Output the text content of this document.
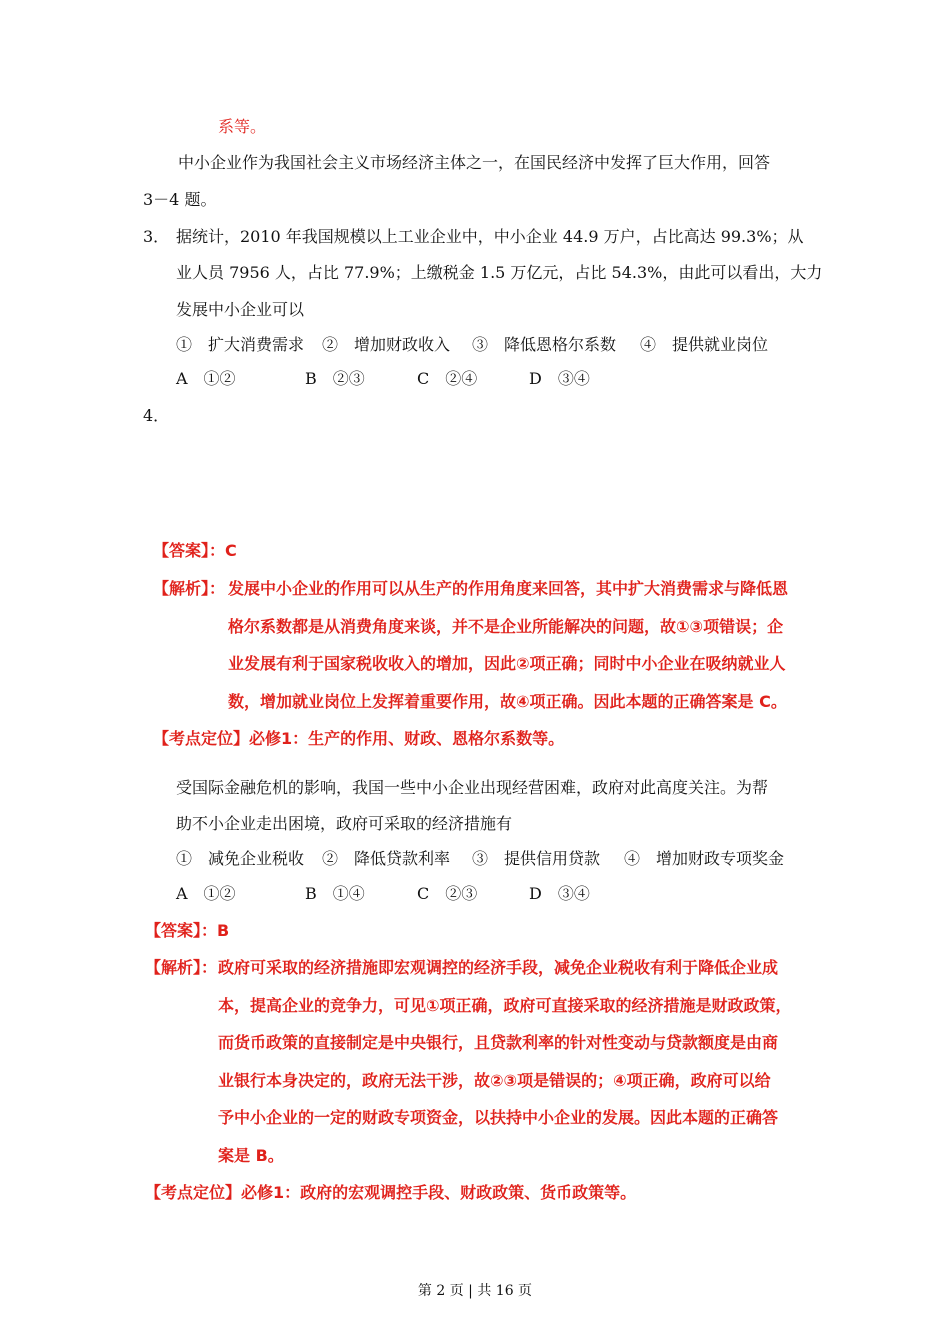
系等。
中小企业作为我国社会主义市场经济主体之一，在国民经济中发挥了巨大作用，回答
3－4 题。
3． 据统计，2010 年我国规模以上工业企业中，中小企业 44.9 万户，占比高达 99.3%；从
业人员 7956 人，占比 77.9%；上缴税金 1.5 万亿元，占比 54.3%，由此可以看出，大力
发展中小企业可以
①　扩大消费需求 ②　增加财政收入 ③　降低恩格尔系数 ④　提供就业岗位
A　①②	B　②③	C　②④	D　③④
4．
【答案】：C
【解析】： 发展中小企业的作用可以从生产的作用角度来回答，其中扩大消费需求与降低恩
格尔系数都是从消费角度来谈，并不是企业所能解决的问题，故①③项错误；企
业发展有利于国家税收收入的增加，因此②项正确；同时中小企业在吸纳就业人
数，增加就业岗位上发挥着重要作用，故④项正确。因此本题的正确答案是 C。
【考点定位】必修1：生产的作用、财政、恩格尔系数等。
受国际金融危机的影响，我国一些中小企业出现经营困难，政府对此高度关注。为帮
助不小企业走出困境，政府可采取的经济措施有
①　减免企业税收 ②　降低贷款利率 ③　提供信用贷款 ④　增加财政专项奖金
A　①②	B　①④	C　②③	D　③④
【答案】：B
【解析】： 政府可采取的经济措施即宏观调控的经济手段，减免企业税收有利于降低企业成
本，提高企业的竞争力，可见①项正确，政府可直接采取的经济措施是财政政策，
而货币政策的直接制定是中央银行，且贷款利率的针对性变动与贷款额度是由商
业银行本身决定的，政府无法干涉，故②③项是错误的；④项正确，政府可以给
予中小企业的一定的财政专项资金，以扶持中小企业的发展。因此本题的正确答
案是 B。
【考点定位】必修1：政府的宏观调控手段、财政政策、货币政策等。
第 2 页 | 共 16 页
